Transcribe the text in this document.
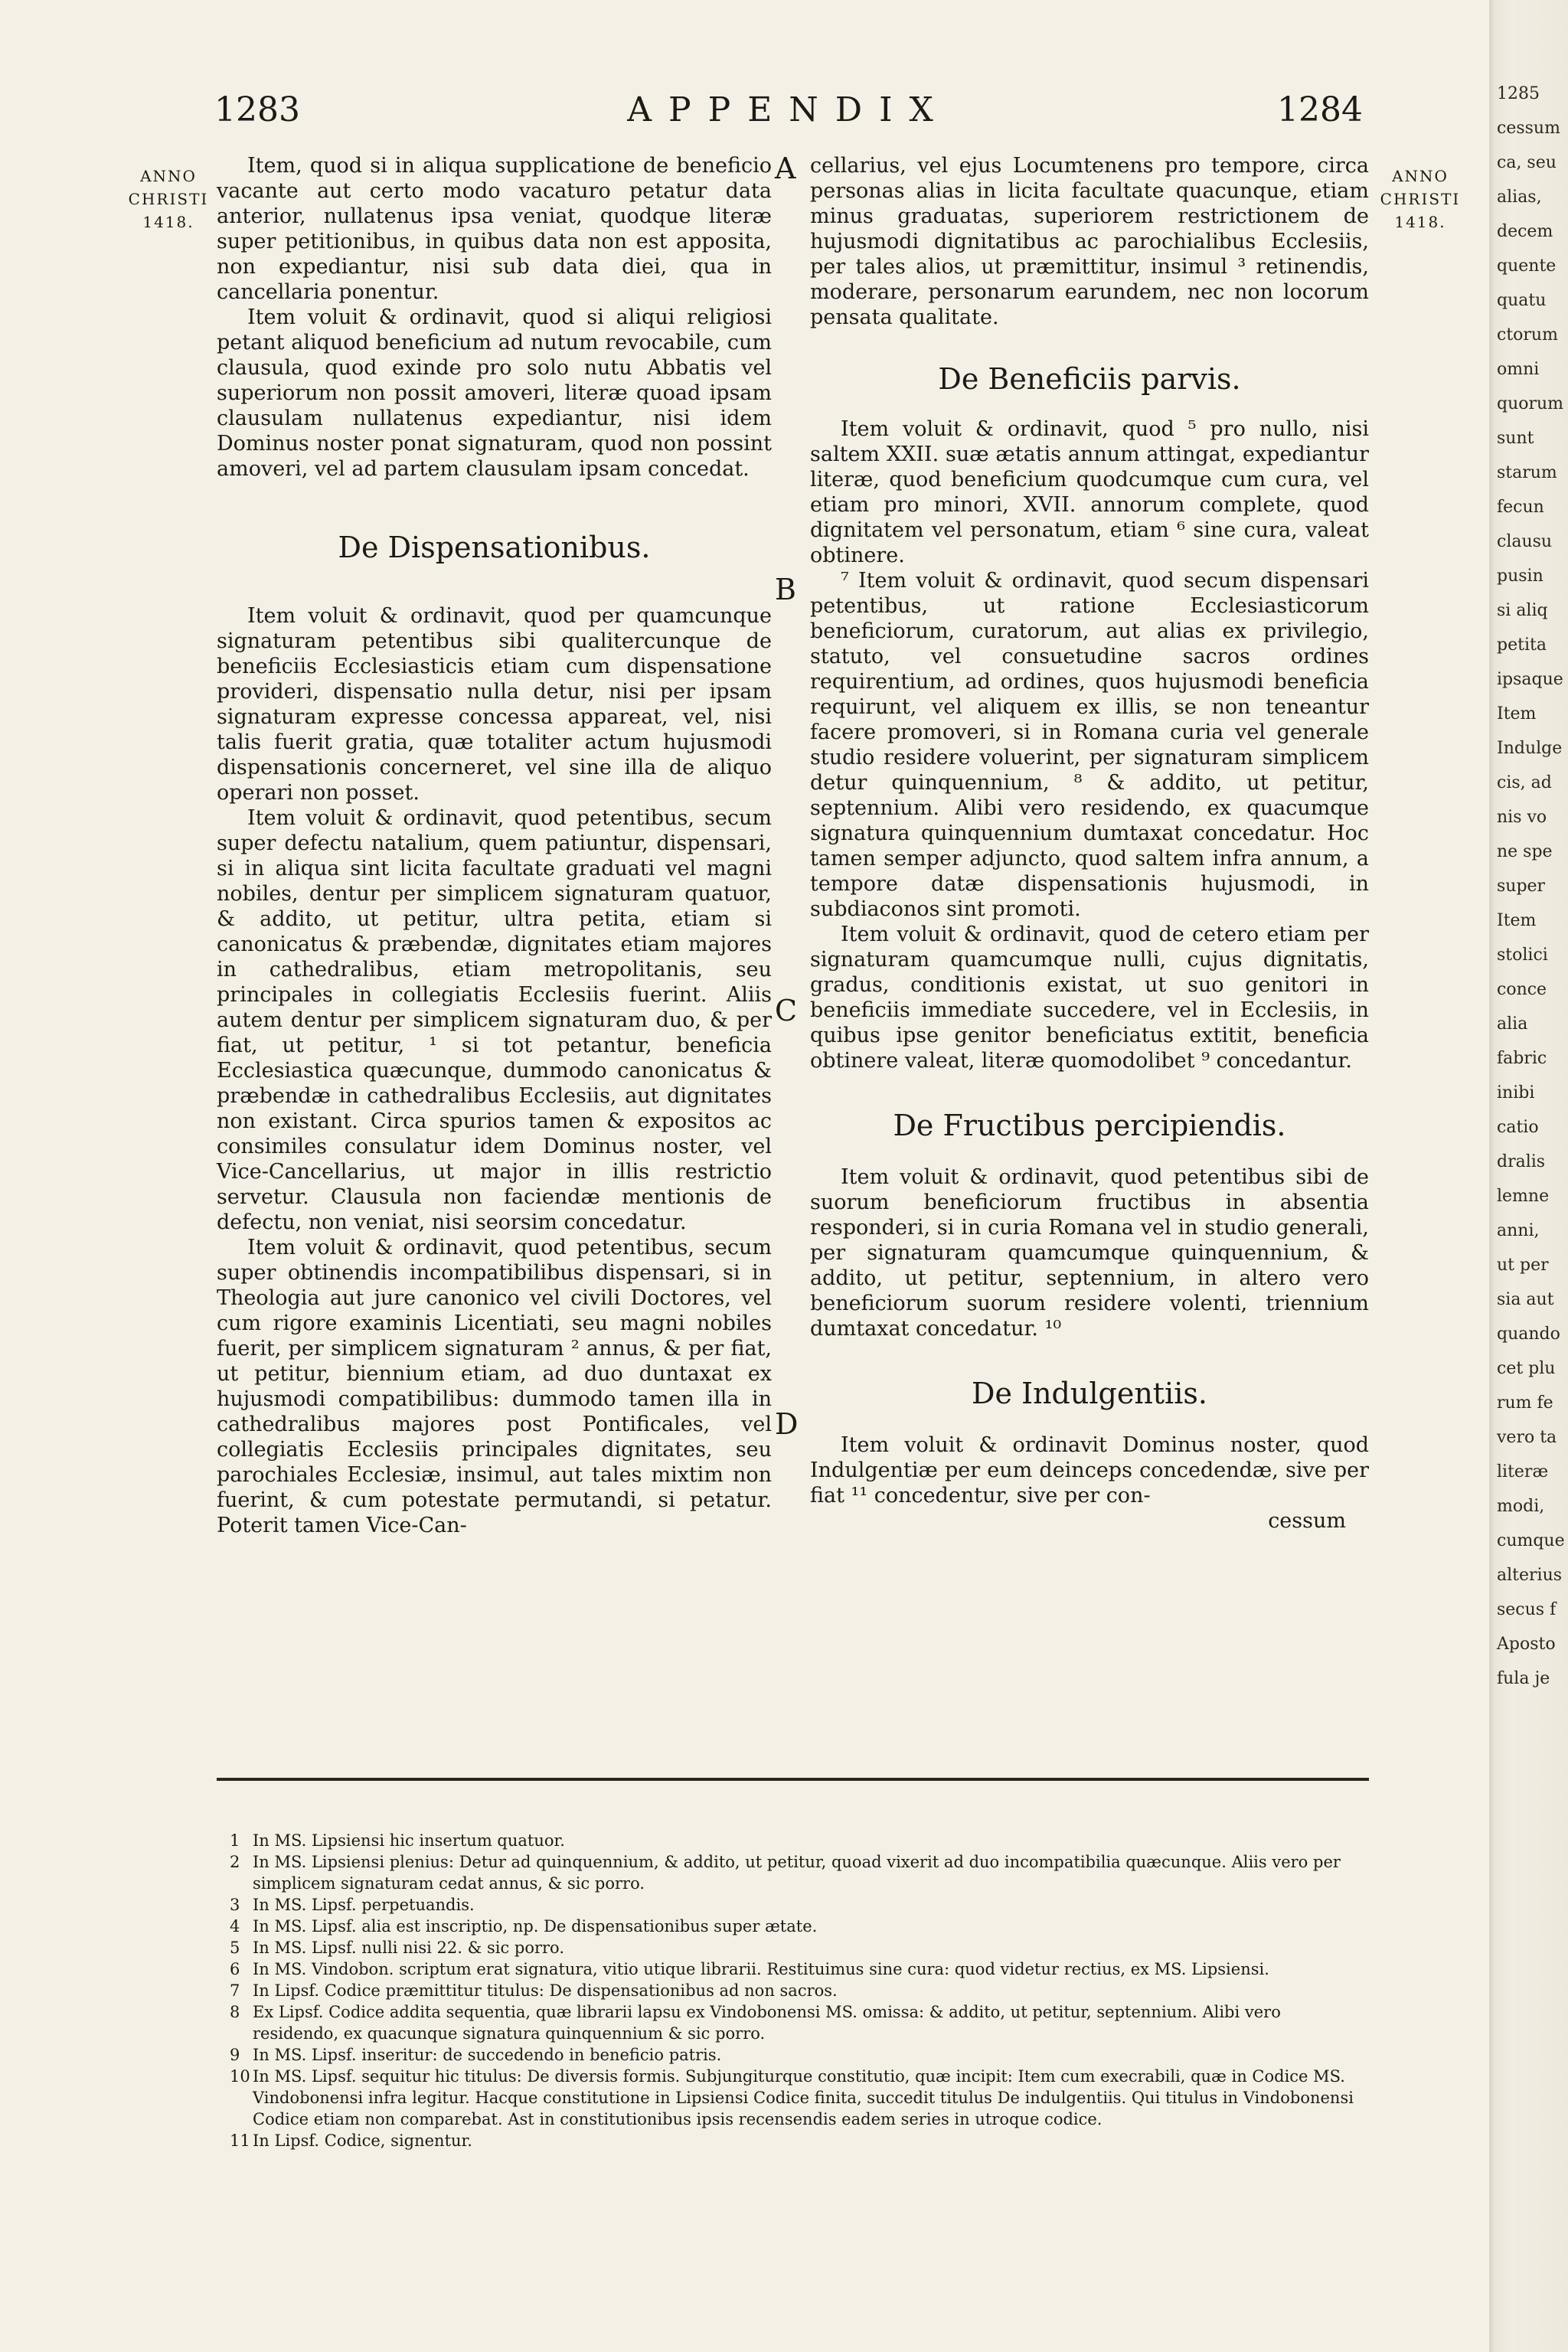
1283	APPENDIX	1284
ANNO
CHRISTI
1418.
ANNO
CHRISTI
1418.
A
B
C
D

Item, quod si in aliqua supplicatione de beneficio vacante aut certo modo vacaturo petatur data anterior, nullatenus ipsa veniat, quodque literæ super petitionibus, in quibus data non est apposita, non expediantur, nisi sub data diei, qua in cancellaria ponentur.

Item voluit & ordinavit, quod si aliqui religiosi petant aliquod beneficium ad nutum revocabile, cum clausula, quod exinde pro solo nutu Abbatis vel superiorum non possit amoveri, literæ quoad ipsam clausulam nullatenus expediantur, nisi idem Dominus noster ponat signaturam, quod non possint amoveri, vel ad partem clausulam ipsam concedat.

De Dispensationibus.

Item voluit & ordinavit, quod per quamcunque signaturam petentibus sibi qualitercunque de beneficiis Ecclesiasticis etiam cum dispensatione provideri, dispensatio nulla detur, nisi per ipsam signaturam expresse concessa appareat, vel, nisi talis fuerit gratia, quæ totaliter actum hujusmodi dispensationis concerneret, vel sine illa de aliquo operari non posset.

Item voluit & ordinavit, quod petentibus, secum super defectu natalium, quem patiuntur, dispensari, si in aliqua sint licita facultate graduati vel magni nobiles, dentur per simplicem signaturam quatuor, & addito, ut petitur, ultra petita, etiam si canonicatus & præbendæ, dignitates etiam majores in cathedralibus, etiam metropolitanis, seu principales in collegiatis Ecclesiis fuerint. Aliis autem dentur per simplicem signaturam duo, & per fiat, ut petitur, ¹ si tot petantur, beneficia Ecclesiastica quæcunque, dummodo canonicatus & præbendæ in cathedralibus Ecclesiis, aut dignitates non existant. Circa spurios tamen & expositos ac consimiles consulatur idem Dominus noster, vel Vice-Cancellarius, ut major in illis restrictio servetur. Clausula non faciendæ mentionis de defectu, non veniat, nisi seorsim concedatur.

Item voluit & ordinavit, quod petentibus, secum super obtinendis incompatibilibus dispensari, si in Theologia aut jure canonico vel civili Doctores, vel cum rigore examinis Licentiati, seu magni nobiles fuerit, per simplicem signaturam ² annus, & per fiat, ut petitur, biennium etiam, ad duo duntaxat ex hujusmodi compatibilibus: dummodo tamen illa in cathedralibus majores post Pontificales, vel collegiatis Ecclesiis principales dignitates, seu parochiales Ecclesiæ, insimul, aut tales mixtim non fuerint, & cum potestate permutandi, si petatur. Poterit tamen Vice-Can-

cellarius, vel ejus Locumtenens pro tempore, circa personas alias in licita facultate quacunque, etiam minus graduatas, superiorem restrictionem de hujusmodi dignitatibus ac parochialibus Ecclesiis, per tales alios, ut præmittitur, insimul ³ retinendis, moderare, personarum earundem, nec non locorum pensata qualitate.

De Beneficiis parvis.

Item voluit & ordinavit, quod ⁵ pro nullo, nisi saltem XXII. suæ ætatis annum attingat, expediantur literæ, quod beneficium quodcumque cum cura, vel etiam pro minori, XVII. annorum complete, quod dignitatem vel personatum, etiam ⁶ sine cura, valeat obtinere.

⁷ Item voluit & ordinavit, quod secum dispensari petentibus, ut ratione Ecclesiasticorum beneficiorum, curatorum, aut alias ex privilegio, statuto, vel consuetudine sacros ordines requirentium, ad ordines, quos hujusmodi beneficia requirunt, vel aliquem ex illis, se non teneantur facere promoveri, si in Romana curia vel generale studio residere voluerint, per signaturam simplicem detur quinquennium, ⁸ & addito, ut petitur, septennium. Alibi vero residendo, ex quacumque signatura quinquennium dumtaxat concedatur. Hoc tamen semper adjuncto, quod saltem infra annum, a tempore datæ dispensationis hujusmodi, in subdiaconos sint promoti.

Item voluit & ordinavit, quod de cetero etiam per signaturam quamcumque nulli, cujus dignitatis, gradus, conditionis existat, ut suo genitori in beneficiis immediate succedere, vel in Ecclesiis, in quibus ipse genitor beneficiatus extitit, beneficia obtinere valeat, literæ quomodolibet ⁹ concedantur.

De Fructibus percipiendis.

Item voluit & ordinavit, quod petentibus sibi de suorum beneficiorum fructibus in absentia responderi, si in curia Romana vel in studio generali, per signaturam quamcumque quinquennium, & addito, ut petitur, septennium, in altero vero beneficiorum suorum residere volenti, triennium dumtaxat concedatur. ¹⁰

De Indulgentiis.

Item voluit & ordinavit Dominus noster, quod Indulgentiæ per eum deinceps concedendæ, sive per fiat ¹¹ concedentur, sive per con-

cessum
1 In MS. Lipsiensi hic insertum quatuor.
2 In MS. Lipsiensi plenius: Detur ad quinquennium, & addito, ut petitur, quoad vixerit ad duo incompatibilia quæcunque. Aliis vero per simplicem signaturam cedat annus, & sic porro.
3 In MS. Lipsf. perpetuandis.
4 In MS. Lipsf. alia est inscriptio, np. De dispensationibus super ætate.
5 In MS. Lipsf. nulli nisi 22. & sic porro.
6 In MS. Vindobon. scriptum erat signatura, vitio utique librarii. Restituimus sine cura: quod videtur rectius, ex MS. Lipsiensi.
7 In Lipsf. Codice præmittitur titulus: De dispensationibus ad non sacros.
8 Ex Lipsf. Codice addita sequentia, quæ librarii lapsu ex Vindobonensi MS. omissa: & addito, ut petitur, septennium. Alibi vero residendo, ex quacunque signatura quinquennium & sic porro.
9 In MS. Lipsf. inseritur: de succedendo in beneficio patris.
10 In MS. Lipsf. sequitur hic titulus: De diversis formis. Subjungiturque constitutio, quæ incipit: Item cum execrabili, quæ in Codice MS. Vindobonensi infra legitur. Hacque constitutione in Lipsiensi Codice finita, succedit titulus De indulgentiis. Qui titulus in Vindobonensi Codice etiam non comparebat. Ast in constitutionibus ipsis recensendis eadem series in utroque codice.
11 In Lipsf. Codice, signentur.
1285
cessum
ca, seu
alias,
decem
quente
quatu
ctorum
omni
quorum
sunt
starum
fecun
clausu
pusin
si aliq
petita
ipsaque
Item
Indulge
cis, ad
nis vo
ne spe
super
Item
stolici
conce
alia
fabric
inibi
catio
dralis
lemne
anni,
ut per
sia aut
quando
cet plu
rum fe
vero ta
literæ
modi,
cumque
alterius
secus f
Aposto
fula je
